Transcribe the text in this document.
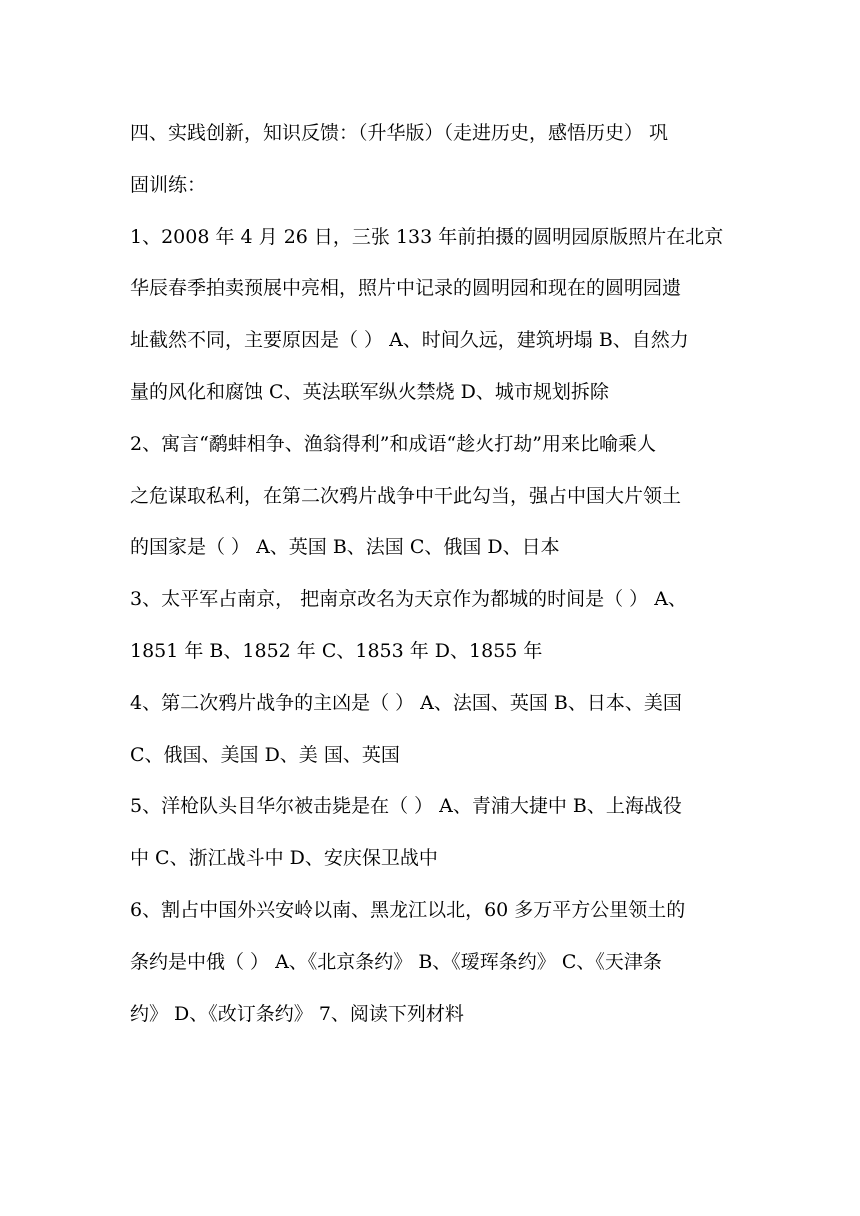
四、实践创新，知识反馈：（升华版）（走进历史，感悟历史） 巩
固训练：
1、2008 年 4 月 26 日，三张 133 年前拍摄的圆明园原版照片在北京
华辰春季拍卖预展中亮相，照片中记录的圆明园和现在的圆明园遗
址截然不同，主要原因是（ ） A、时间久远，建筑坍塌 B、自然力
量的风化和腐蚀 C、英法联军纵火禁烧 D、城市规划拆除
2、寓言“鹬蚌相争、渔翁得利”和成语“趁火打劫”用来比喻乘人
之危谋取私利，在第二次鸦片战争中干此勾当，强占中国大片领土
的国家是（ ） A、英国 B、法国 C、俄国 D、日本
3、太平军占南京， 把南京改名为天京作为都城的时间是（ ） A、
1851 年 B、1852 年 C、1853 年 D、1855 年
4、第二次鸦片战争的主凶是（ ） A、法国、英国 B、日本、美国
C、俄国、美国 D、美 国、英国
5、洋枪队头目华尔被击毙是在（ ） A、青浦大捷中 B、上海战役
中 C、浙江战斗中 D、安庆保卫战中
6、割占中国外兴安岭以南、黑龙江以北，60 多万平方公里领土的
条约是中俄（ ） A、《北京条约》 B、《瑷珲条约》 C、《天津条
约》 D、《改订条约》 7、阅读下列材料
